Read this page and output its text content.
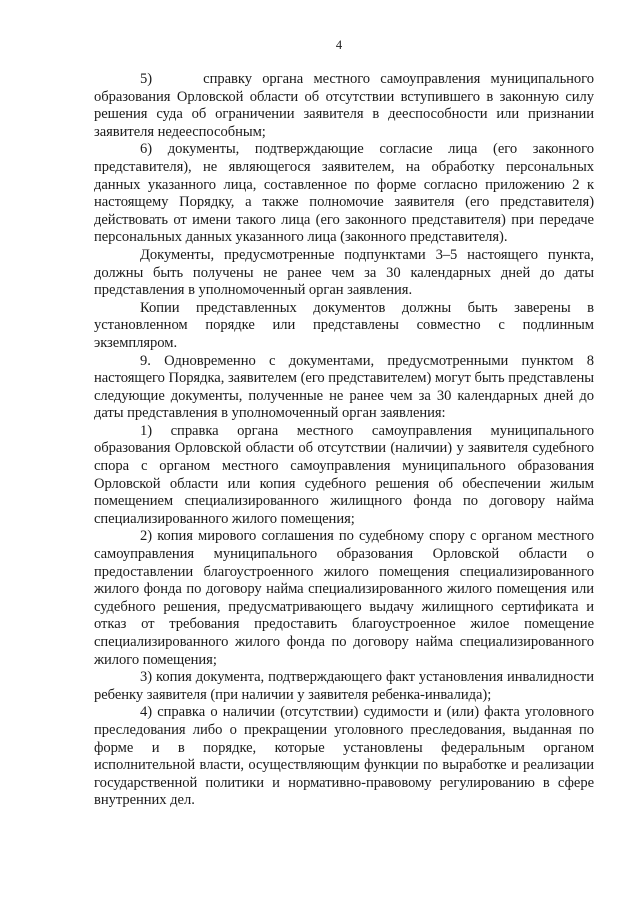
4

5)     справку органа местного самоуправления муниципального образования Орловской области об отсутствии вступившего в законную силу решения суда об ограничении заявителя в дееспособности или признании заявителя недееспособным;

6) документы, подтверждающие согласие лица (его законного представителя), не являющегося заявителем, на обработку персональных данных указанного лица, составленное по форме согласно приложению 2 к настоящему Порядку, а также полномочие заявителя (его представителя) действовать от имени такого лица (его законного представителя) при передаче персональных данных указанного лица (законного представителя).

Документы, предусмотренные подпунктами 3–5 настоящего пункта, должны быть получены не ранее чем за 30 календарных дней до даты представления в уполномоченный орган заявления.

Копии представленных документов должны быть заверены в установленном порядке или представлены совместно с подлинным экземпляром.

9. Одновременно с документами, предусмотренными пунктом 8 настоящего Порядка, заявителем (его представителем) могут быть представлены следующие документы, полученные не ранее чем за 30 календарных дней до даты представления в уполномоченный орган заявления:

1) справка органа местного самоуправления муниципального образования Орловской области об отсутствии (наличии) у заявителя судебного спора с органом местного самоуправления муниципального образования Орловской области или копия судебного решения об обеспечении жилым помещением специализированного жилищного фонда по договору найма специализированного жилого помещения;

2) копия мирового соглашения по судебному спору с органом местного самоуправления муниципального образования Орловской области о предоставлении благоустроенного жилого помещения специализированного жилого фонда по договору найма специализированного жилого помещения или судебного решения, предусматривающего выдачу жилищного сертификата и отказ от требования предоставить благоустроенное жилое помещение специализированного жилого фонда по договору найма специализированного жилого помещения;

3) копия документа, подтверждающего факт установления инвалидности ребенку заявителя (при наличии у заявителя ребенка-инвалида);

4) справка о наличии (отсутствии) судимости и (или) факта уголовного преследования либо о прекращении уголовного преследования, выданная по форме и в порядке, которые установлены федеральным органом исполнительной власти, осуществляющим функции по выработке и реализации государственной политики и нормативно-правовому регулированию в сфере внутренних дел.
